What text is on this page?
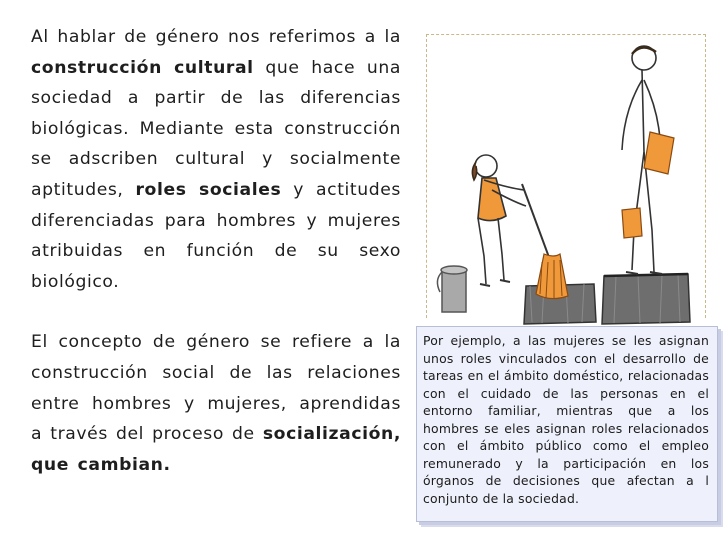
Al hablar de género nos referimos a la construcción cultural que hace una sociedad a partir de las diferencias biológicas. Mediante esta construcción se adscriben cultural y socialmente aptitudes, roles sociales y actitudes diferenciadas para hombres y mujeres atribuidas en función de su sexo biológico.

El concepto de género se refiere a la construcción social de las relaciones entre hombres y mujeres, aprendidas a través del proceso de socialización, que cambian.

Por ejemplo, a las mujeres se les asignan unos roles vinculados con el desarrollo de tareas en el ámbito doméstico, relacionadas con el cuidado de las personas en el entorno familiar, mientras que a los hombres se eles asignan roles relacionados con el ámbito público como el empleo remunerado y la participación en los órganos de decisiones que afectan a l conjunto de la sociedad.
